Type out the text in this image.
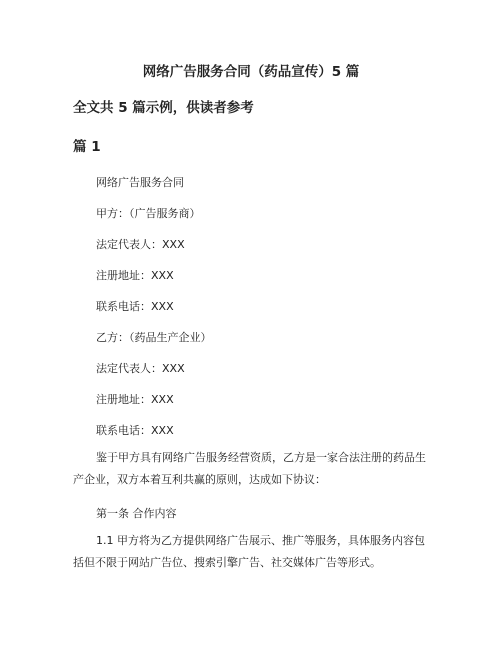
网络广告服务合同（药品宣传）5 篇
全文共 5 篇示例，供读者参考
篇 1
网络广告服务合同
甲方：（广告服务商）
法定代表人：XXX
注册地址：XXX
联系电话：XXX
乙方：（药品生产企业）
法定代表人：XXX
注册地址：XXX
联系电话：XXX
鉴于甲方具有网络广告服务经营资质，乙方是一家合法注册的药品生产企业，双方本着互利共赢的原则，达成如下协议：
第一条 合作内容
1.1 甲方将为乙方提供网络广告展示、推广等服务，具体服务内容包括但不限于网站广告位、搜索引擎广告、社交媒体广告等形式。
